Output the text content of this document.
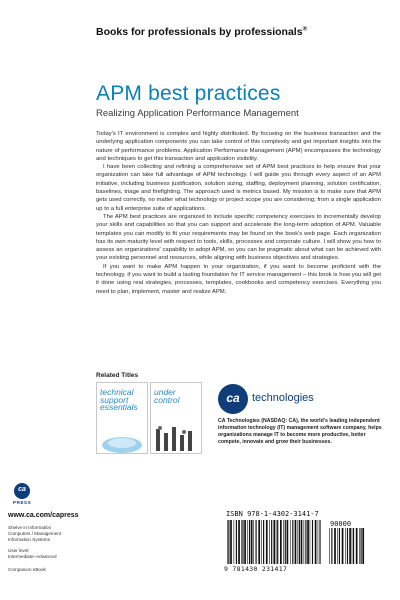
Books for professionals by professionals®
APM best practices
Realizing Application Performance Management

Today's IT environment is complex and highly distributed. By focusing on the business transaction and the underlying application components you can take control of this complexity and get important insights into the nature of performance problems. Application Performance Management (APM) encompasses the technology and techniques to get this transaction and application visibility.

I have been collecting and refining a comprehensive set of APM best practices to help ensure that your organization can take full advantage of APM technology. I will guide you through every aspect of an APM initiative, including business justification, solution sizing, staffing, deployment planning, solution certification, baselines, triage and firefighting. The approach used is metrics based. My mission is to make sure that APM gets used correctly, no matter what technology or project scope you are considering; from a single application up to a full enterprise suite of applications.

The APM best practices are organized to include specific competency exercises to incrementally develop your skills and capabilities so that you can support and accelerate the long-term adoption of APM. Valuable templates you can modify to fit your requirements may be found on the book's web page. Each organization has its own maturity level with respect to tools, skills, processes and corporate culture. I will show you how to assess an organizations' capability to adopt APM, so you can be pragmatic about what can be achieved with your existing personnel and resources, while aligning with business objectives and strategies.

If you want to make APM happen in your organization, if you want to become proficient with the technology, if you want to build a lasting foundation for IT service management – this book is how you will get it done using real strategies, processes, templates, cookbooks and competency exercises. Everything you need to plan, implement, master and realize APM.

Related Titles
technical
support
essentials
under
control	ca	technologies
CA Technologies (NASDAQ: CA), the world's leading independent information technology (IT) management software company, helps organizations manage IT to become more productive, better compete, innovate and grow their businesses.
ca
PRESS
www.ca.com/capress
Shelve in Information
Computers / Management
Information Systems
User level:
Intermediate–Advanced
Companion eBook
ISBN 978-1-4302-3141-7
90000
9 781430 231417
